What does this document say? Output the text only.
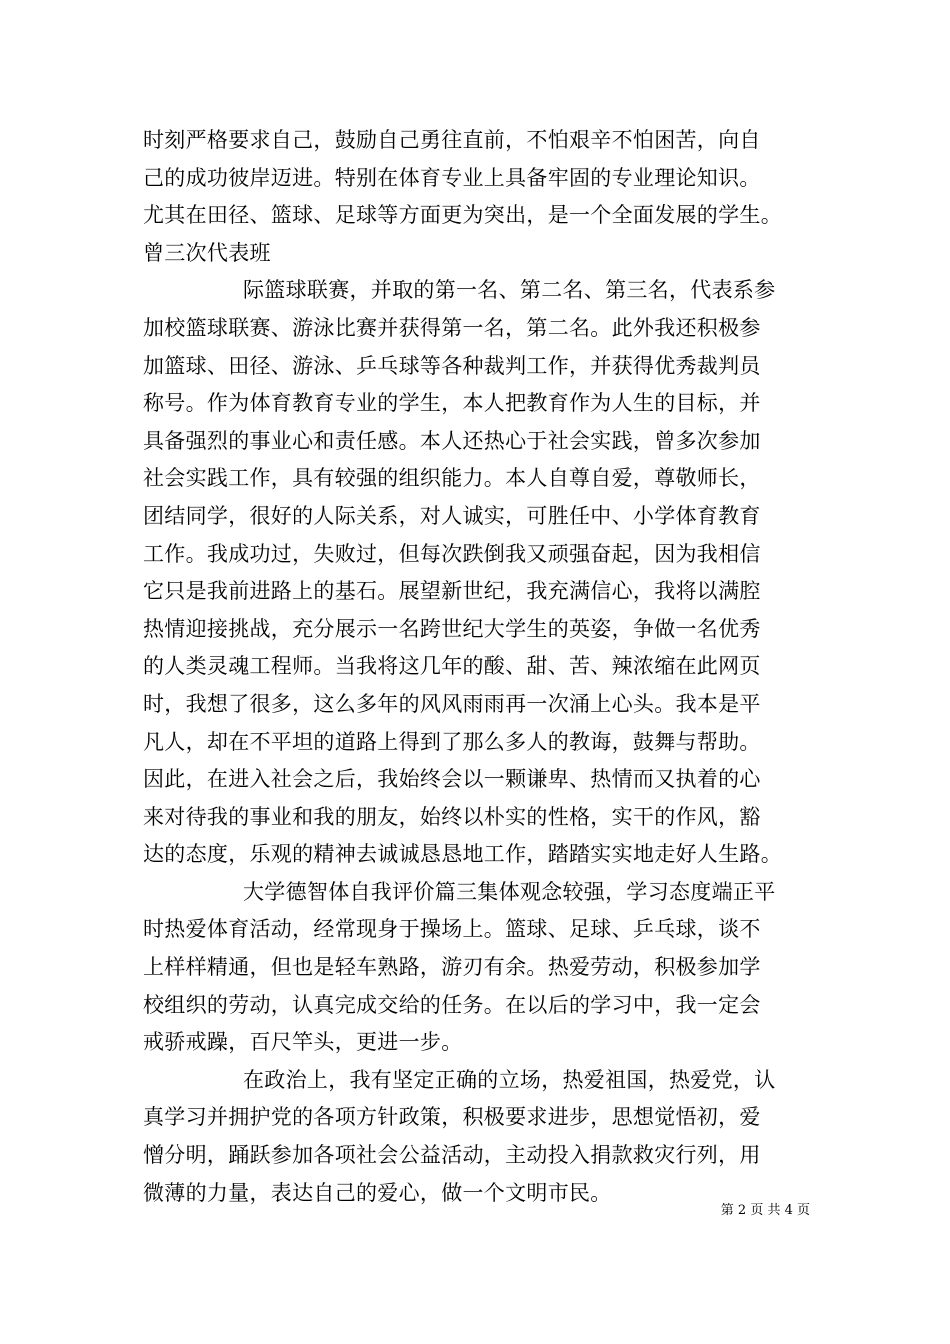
时刻严格要求自己，鼓励自己勇往直前，不怕艰辛不怕困苦，向自
己的成功彼岸迈进。特别在体育专业上具备牢固的专业理论知识。
尤其在田径、篮球、足球等方面更为突出，是一个全面发展的学生。
曾三次代表班
际篮球联赛，并取的第一名、第二名、第三名，代表系参
加校篮球联赛、游泳比赛并获得第一名，第二名。此外我还积极参
加篮球、田径、游泳、乒乓球等各种裁判工作，并获得优秀裁判员
称号。作为体育教育专业的学生，本人把教育作为人生的目标，并
具备强烈的事业心和责任感。本人还热心于社会实践，曾多次参加
社会实践工作，具有较强的组织能力。本人自尊自爱，尊敬师长，
团结同学，很好的人际关系，对人诚实，可胜任中、小学体育教育
工作。我成功过，失败过，但每次跌倒我又顽强奋起，因为我相信
它只是我前进路上的基石。展望新世纪，我充满信心，我将以满腔
热情迎接挑战，充分展示一名跨世纪大学生的英姿，争做一名优秀
的人类灵魂工程师。当我将这几年的酸、甜、苦、辣浓缩在此网页
时，我想了很多，这么多年的风风雨雨再一次涌上心头。我本是平
凡人，却在不平坦的道路上得到了那么多人的教诲，鼓舞与帮助。
因此，在进入社会之后，我始终会以一颗谦卑、热情而又执着的心
来对待我的事业和我的朋友，始终以朴实的性格，实干的作风，豁
达的态度，乐观的精神去诚诚恳恳地工作，踏踏实实地走好人生路。
大学德智体自我评价篇三集体观念较强，学习态度端正平
时热爱体育活动，经常现身于操场上。篮球、足球、乒乓球，谈不
上样样精通，但也是轻车熟路，游刃有余。热爱劳动，积极参加学
校组织的劳动，认真完成交给的任务。在以后的学习中，我一定会
戒骄戒躁，百尺竿头，更进一步。
在政治上，我有坚定正确的立场，热爱祖国，热爱党，认
真学习并拥护党的各项方针政策，积极要求进步，思想觉悟初，爱
憎分明，踊跃参加各项社会公益活动，主动投入捐款救灾行列，用
微薄的力量，表达自己的爱心，做一个文明市民。
第 2 页 共 4 页
